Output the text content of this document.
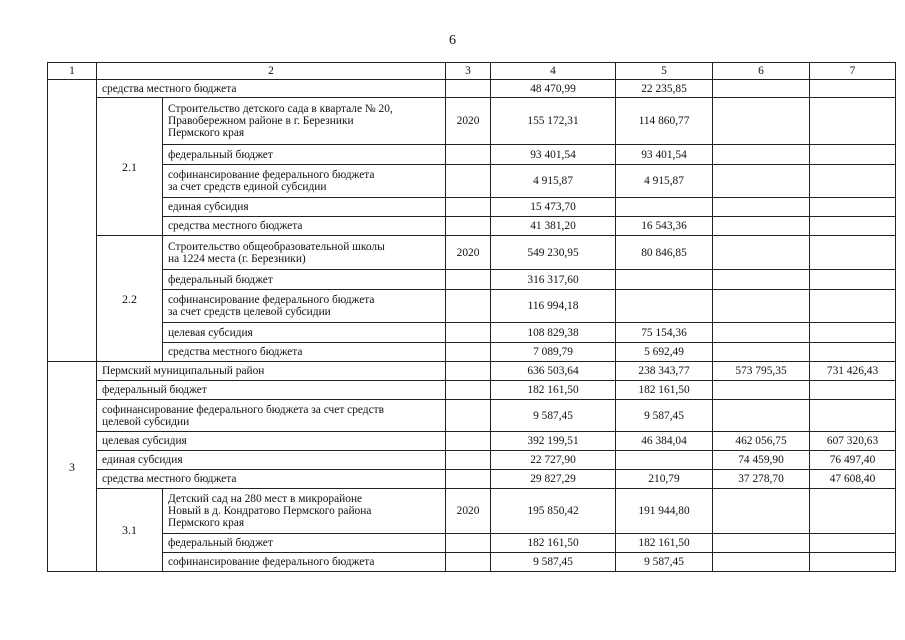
6
1	2		3	4	5	6	7
	средства местного бюджета			48 470,99	22 235,85		
	2.1	Строительство детского сада в квартале № 20,
Правобережном районе в г. Березники
Пермского края	2020	155 172,31	114 860,77		
		федеральный бюджет		93 401,54	93 401,54		
		софинансирование федерального бюджета
за счет средств единой субсидии		4 915,87	4 915,87		
		единая субсидия		15 473,70			
		средства местного бюджета		41 381,20	16 543,36		
	2.2	Строительство общеобразовательной школы
на 1224 места (г. Березники)	2020	549 230,95	80 846,85		
		федеральный бюджет		316 317,60			
		софинансирование федерального бюджета
за счет средств целевой субсидии		116 994,18			
		целевая субсидия		108 829,38	75 154,36		
		средства местного бюджета		7 089,79	5 692,49		
3	Пермский муниципальный район			636 503,64	238 343,77	573 795,35	731 426,43
	федеральный бюджет			182 161,50	182 161,50		
	софинансирование федерального бюджета за счет средств
целевой субсидии			9 587,45	9 587,45		
	целевая субсидия			392 199,51	46 384,04	462 056,75	607 320,63
	единая субсидия			22 727,90		74 459,90	76 497,40
	средства местного бюджета			29 827,29	210,79	37 278,70	47 608,40
	3.1	Детский сад на 280 мест в микрорайоне
Новый в д. Кондратово Пермского района
Пермского края	2020	195 850,42	191 944,80		
		федеральный бюджет		182 161,50	182 161,50		
		софинансирование федерального бюджета		9 587,45	9 587,45		
